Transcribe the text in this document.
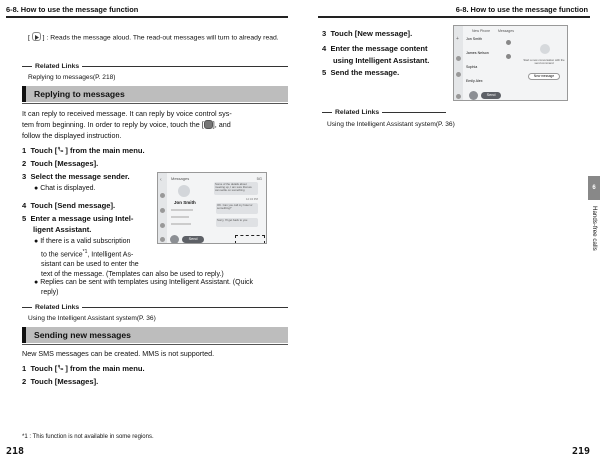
6-8. How to use the message function	6-8. How to use the message function
[ ] : Reads the message aloud. The read-out messages will turn to already read.
Related Links
Replying to messages(P. 218)
Replying to messages
It can reply to received message. It can reply by voice control sys-
tem from beginning. In order to reply by voice, touch the [ ], and
follow the displayed instruction.
1 Touch [ ] from the main menu.
2 Touch [Messages].
3 Select the message sender.
● Chat is displayed.
4 Touch [Send message].
5 Enter a message using Intel-
ligent Assistant.
● If there is a valid subscription
to the service$^{*1}$, Intelligent As-
sistant can be used to enter the
text of the message. (Templates can also be used to reply.)
● Replies can be sent with templates using Intelligent Assistant. (Quick
reply)
‹ Messages	5G
Jon Smith
Some of the details about meeting up, I am sure that we can settle on something
12:34 PM
OK. Can you call my hotel or something?
Sorry, I'll get back to you
Send
Related Links
Using the Intelligent Assistant system(P. 36)
Sending new messages
New SMS messages can be created. MMS is not supported.
1 Touch [ ] from the main menu.
2 Touch [Messages].
*1 : This function is not available in some regions.
218
3 Touch [New message].
4 Enter the message content
using Intelligent Assistant.
5 Send the message.
+
New Phone Messages
Jon Smith
James Nelson
Sophia
Emily Alex
Start a new conversation with the send command
New message
Send
Related Links
Using the Intelligent Assistant system(P. 36)
6
Hands-free calls
219
